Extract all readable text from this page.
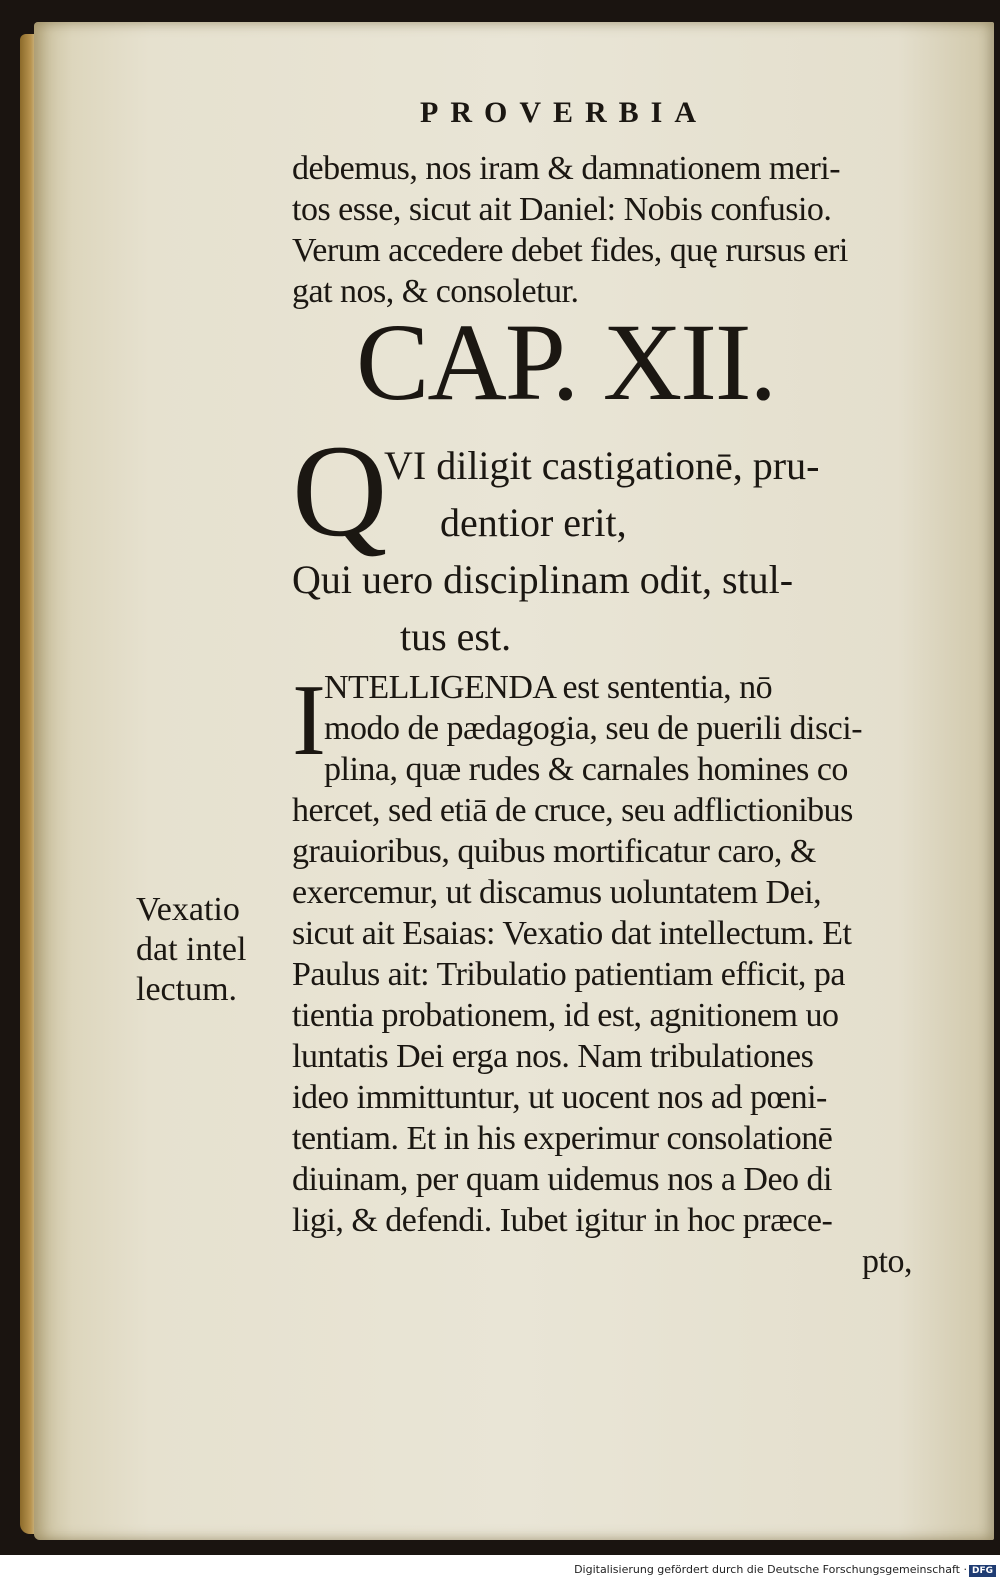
PROVERBIA
debemus, nos iram & damnationem meri-
tos esse, sicut ait Daniel: Nobis confusio.
Verum accedere debet fides, quę rursus eri
gat nos, & consoletur.
CAP. XII.
Q
VI diligit castigationē, pru-
dentior erit,
Qui uero disciplinam odit, stul-
tus est.
I
NTELLIGENDA est sententia, nō
modo de pædagogia, seu de puerili disci-
plina, quæ rudes & carnales homines co
hercet, sed etiā de cruce, seu adflictionibus
grauioribus, quibus mortificatur caro, &
exercemur, ut discamus uoluntatem Dei,
sicut ait Esaias: Vexatio dat intellectum. Et
Paulus ait: Tribulatio patientiam efficit, pa
tientia probationem, id est, agnitionem uo
luntatis Dei erga nos. Nam tribulationes
ideo immittuntur, ut uocent nos ad pœni-
tentiam. Et in his experimur consolationē
diuinam, per quam uidemus nos a Deo di
ligi, & defendi. Iubet igitur in hoc præce-
pto,
Vexatio
dat intel
lectum.
Digitalisierung gefördert durch die Deutsche Forschungsgemeinschaft · DFG
